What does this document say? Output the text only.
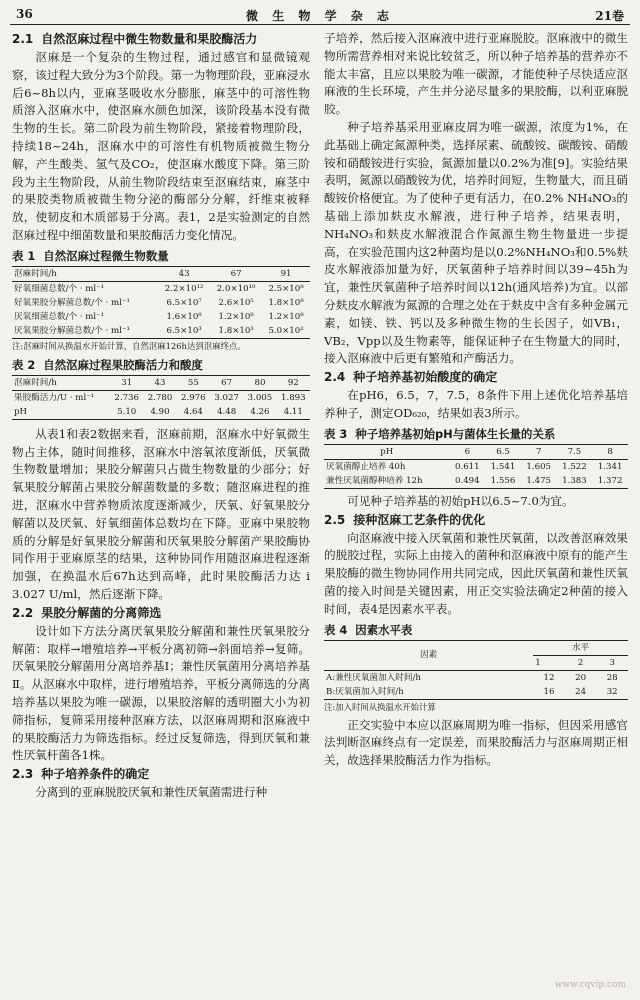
36	微 生 物 学 杂 志	21卷
2.1 自然沤麻过程中微生物数量和果胶酶活力

沤麻是一个复杂的生物过程，通过感官和显微镜观察，该过程大致分为3个阶段。第一为物理阶段，亚麻浸水后6~8h以内，亚麻茎吸收水分膨胀，麻茎中的可溶性物质溶入沤麻水中，使沤麻水颜色加深，该阶段基本没有微生物的生长。第二阶段为前生物阶段，紧接着物理阶段，持续18~24h，沤麻水中的可溶性有机物质被微生物分解，产生酸类、氢气及CO₂，使沤麻水酸度下降。第三阶段为主生物阶段，从前生物阶段结束至沤麻结束，麻茎中的果胶类物质被微生物分泌的酶部分分解，纤维束被释放，使韧皮和木质部易于分离。表1，2是实验测定的自然沤麻过程中细菌数量和果胶酶活力变化情况。

表 1 自然沤麻过程微生物数量
沤麻时间/h	43	67	91
好氧细菌总数/个 · ml⁻¹	2.2×10¹²	2.0×10¹⁰	2.5×10⁸
好氧果胶分解菌总数/个 · ml⁻¹	6.5×10⁷	2.6×10⁵	1.8×10⁸
厌氧细菌总数/个 · ml⁻¹	1.6×10⁸	1.2×10⁸	1.2×10⁸
厌氧果胶分解菌总数/个 · ml⁻¹	6.5×10³	1.8×10³	5.0×10²
注:沤麻时间从换温水开始计算，自然沤麻126h达到沤麻终点。
表 2 自然沤麻过程果胶酶活力和酸度
沤麻时间/h	31	43	55	67	80	92
果胶酶活力/U · ml⁻¹	2.736	2.780	2.976	3.027	3.005	1.893
pH	5.10	4.90	4.64	4.48	4.26	4.11

从表1和表2数据来看，沤麻前期，沤麻水中好氧微生物占主体，随时间推移，沤麻水中溶氧浓度渐低，厌氧微生物数量增加；果胶分解菌只占微生物数量的少部分；好氧果胶分解菌占果胶分解菌数量的多数；随沤麻进程的推进，沤麻水中营养物质浓度逐渐减少，厌氧、好氧果胶分解菌以及厌氧、好氧细菌体总数均在下降。亚麻中果胶物质的分解是好氧果胶分解菌和厌氧果胶分解菌产果胶酶协同作用于亚麻原茎的结果，这种协同作用随沤麻进程逐渐加强，在换温水后67h达到高峰，此时果胶酶活力达 i 3.027 U/ml，然后逐渐下降。

2.2 果胶分解菌的分离筛选

设计如下方法分离厌氧果胶分解菌和兼性厌氧果胶分解菌：取样→增殖培养→平板分离初筛→斜面培养→复筛。厌氧果胶分解菌用分离培养基Ⅰ；兼性厌氧菌用分离培养基Ⅱ。从沤麻水中取样，进行增殖培养，平板分离筛选的分离培养基以果胶为唯一碳源，以果胶溶解的透明圈大小为初筛指标，复筛采用接种沤麻方法，以沤麻周期和沤麻液中的果胶酶活力为筛选指标。经过反复筛选，得到厌氧和兼性厌氧杆菌各1株。

2.3 种子培养条件的确定

分离到的亚麻脱胶厌氧和兼性厌氧菌需进行种

子培养，然后接入沤麻液中进行亚麻脱胶。沤麻液中的微生物所需营养相对来说比较贫乏，所以种子培养基的营养亦不能太丰富，且应以果胶为唯一碳源，才能使种子尽快适应沤麻液的生长环境，产生并分泌尽量多的果胶酶，以利亚麻脱胶。

种子培养基采用亚麻皮屑为唯一碳源，浓度为1%，在此基础上确定氮源种类，选择尿素、硫酸铵、碳酸铵、硝酸铵和硝酸铵进行实验，氮源加量以0.2%为准[9]。实验结果表明，氮源以硝酸铵为优，培养时间短，生物量大，而且硝酸铵价格便宜。为了使种子更有活力，在0.2% NH₄NO₃的基础上添加麸皮水解液，进行种子培养，结果表明，NH₄NO₃和麸皮水解液混合作氮源生物生物量进一步提高，在实验范围内这2种菌均是以0.2%NH₄NO₃和0.5%麸皮水解液添加量为好，厌氧菌种子培养时间以39~45h为宜，兼性厌氧菌种子培养时间以12h(通风培养)为宜。以部分麸皮水解液为氮源的合理之处在于麸皮中含有多种金属元素，如镁、铁、钙以及多种微生物的生长因子，如VB₁，VB₂，Vpp以及生物素等，能保证种子在生物量大的同时，接入沤麻液中后更有繁殖和产酶活力。

2.4 种子培养基初始酸度的确定

在pH6，6.5，7，7.5，8条件下用上述优化培养基培养种子，测定OD₆₂₀，结果如表3所示。

表 3 种子培养基初始pH与菌体生长量的关系
pH	6	6.5	7	7.5	8
厌氧菌醇止培养 40h	0.611	1.541	1.605	1.522	1.341
兼性厌氧菌醇种培养 12h	0.494	1.556	1.475	1.383	1.372

可见种子培养基的初始pH以6.5~7.0为宜。

2.5 接种沤麻工艺条件的优化

向沤麻液中接入厌氧菌和兼性厌氧菌，以改善沤麻效果的脱胶过程，实际上由接入的菌种和沤麻液中原有的能产生果胶酶的微生物协同作用共同完成，因此厌氧菌和兼性厌氧菌的接入时间是关键因素，用正交实验法确定2种菌的接入时间，表4是因素水平表。

表 4 因素水平表
因素	水平		
	1	2	3
A:兼性厌氧菌加入时间/h	12	20	28
B:厌氧菌加入时间/h	16	24	32
注:加入时间从换温水开始计算

正交实验中本应以沤麻周期为唯一指标，但因采用感官法判断沤麻终点有一定误差，而果胶酶活力与沤麻周期正相关，故选择果胶酶活力作为指标。

www.cqvip.com
